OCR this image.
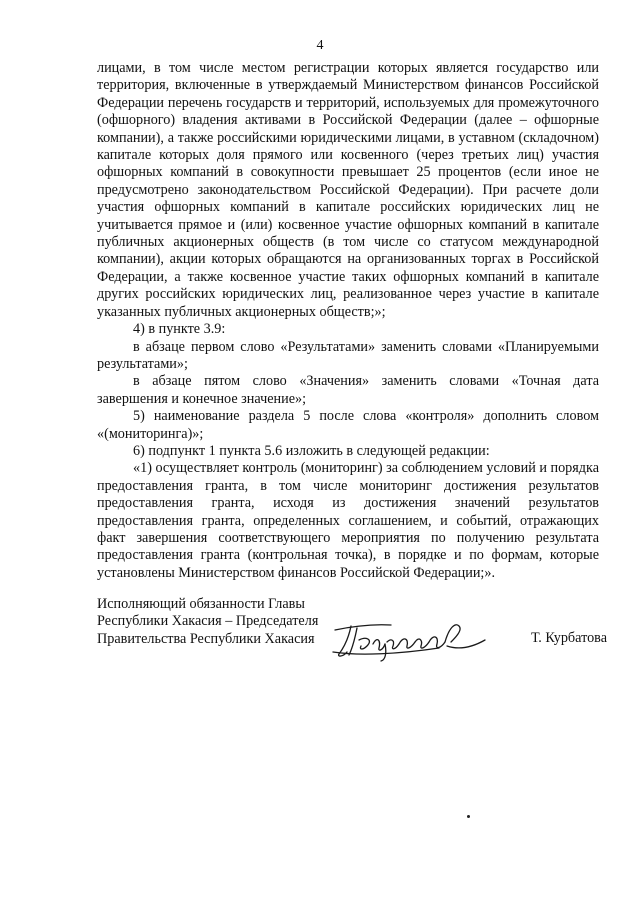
4

лицами, в том числе местом регистрации которых является государство или территория, включенные в утверждаемый Министерством финансов Российской Федерации перечень государств и территорий, используемых для промежуточного (офшорного) владения активами в Российской Федерации (далее – офшорные компании), а также российскими юридическими лицами, в уставном (складочном) капитале которых доля прямого или косвенного (через третьих лиц) участия офшорных компаний в совокупности превышает 25 процентов (если иное не предусмотрено законодательством Российской Федерации). При расчете доли участия офшорных компаний в капитале российских юридических лиц не учитывается прямое и (или) косвенное участие офшорных компаний в капитале публичных акционерных обществ (в том числе со статусом международной компании), акции которых обращаются на организованных торгах в Российской Федерации, а также косвенное участие таких офшорных компаний в капитале других российских юридических лиц, реализованное через участие в капитале указанных публичных акционерных обществ;»;

4) в пункте 3.9:

в абзаце первом слово «Результатами» заменить словами «Планируемыми результатами»;

в абзаце пятом слово «Значения» заменить словами «Точная дата завершения и конечное значение»;

5) наименование раздела 5 после слова «контроля» дополнить словом «(мониторинга)»;

6) подпункт 1 пункта 5.6 изложить в следующей редакции:

«1) осуществляет контроль (мониторинг) за соблюдением условий и порядка предоставления гранта, в том числе мониторинг достижения результатов предоставления гранта, исходя из достижения значений результатов предоставления гранта, определенных соглашением, и событий, отражающих факт завершения соответствующего мероприятия по получению результата предоставления гранта (контрольная точка), в порядке и по формам, которые установлены Министерством финансов Российской Федерации;».

Исполняющий обязанности Главы
Республики Хакасия – Председателя
Правительства Республики Хакасия	Т. Курбатова
